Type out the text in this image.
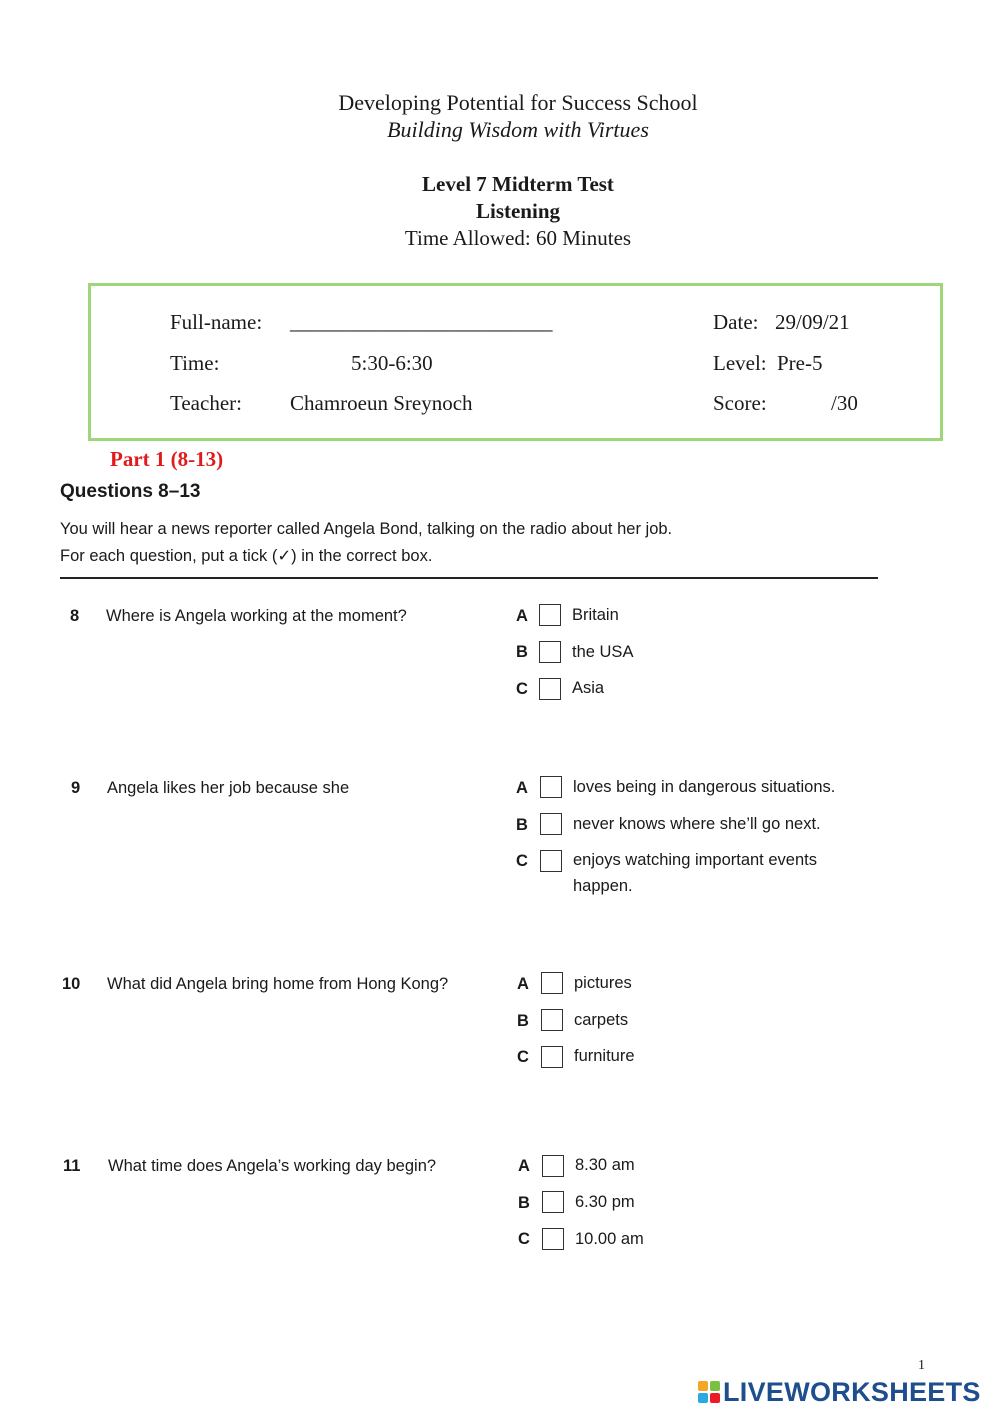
Developing Potential for Success School
Building Wisdom with Virtues
Level 7 Midterm Test
Listening
Time Allowed: 60 Minutes
Full-name: _________________________	Date: 29/09/21
Time:	5:30-6:30	Level: Pre-5
Teacher: Chamroeun Sreynoch	Score:	/30
Part 1 (8-13)
Questions 8–13
You will hear a news reporter called Angela Bond, talking on the radio about her job.
For each question, put a tick (✓) in the correct box.
8 Where is Angela working at the moment?	A	Britain
B	the USA
C	Asia
9 Angela likes her job because she	A	loves being in dangerous situations.
B	never knows where she’ll go next.
C	enjoys watching important events happen.
10 What did Angela bring home from Hong Kong?	A	pictures
B	carpets
C	furniture
11 What time does Angela’s working day begin?	A	8.30 am
B	6.30 pm
C	10.00 am
1
LIVEWORKSHEETS
